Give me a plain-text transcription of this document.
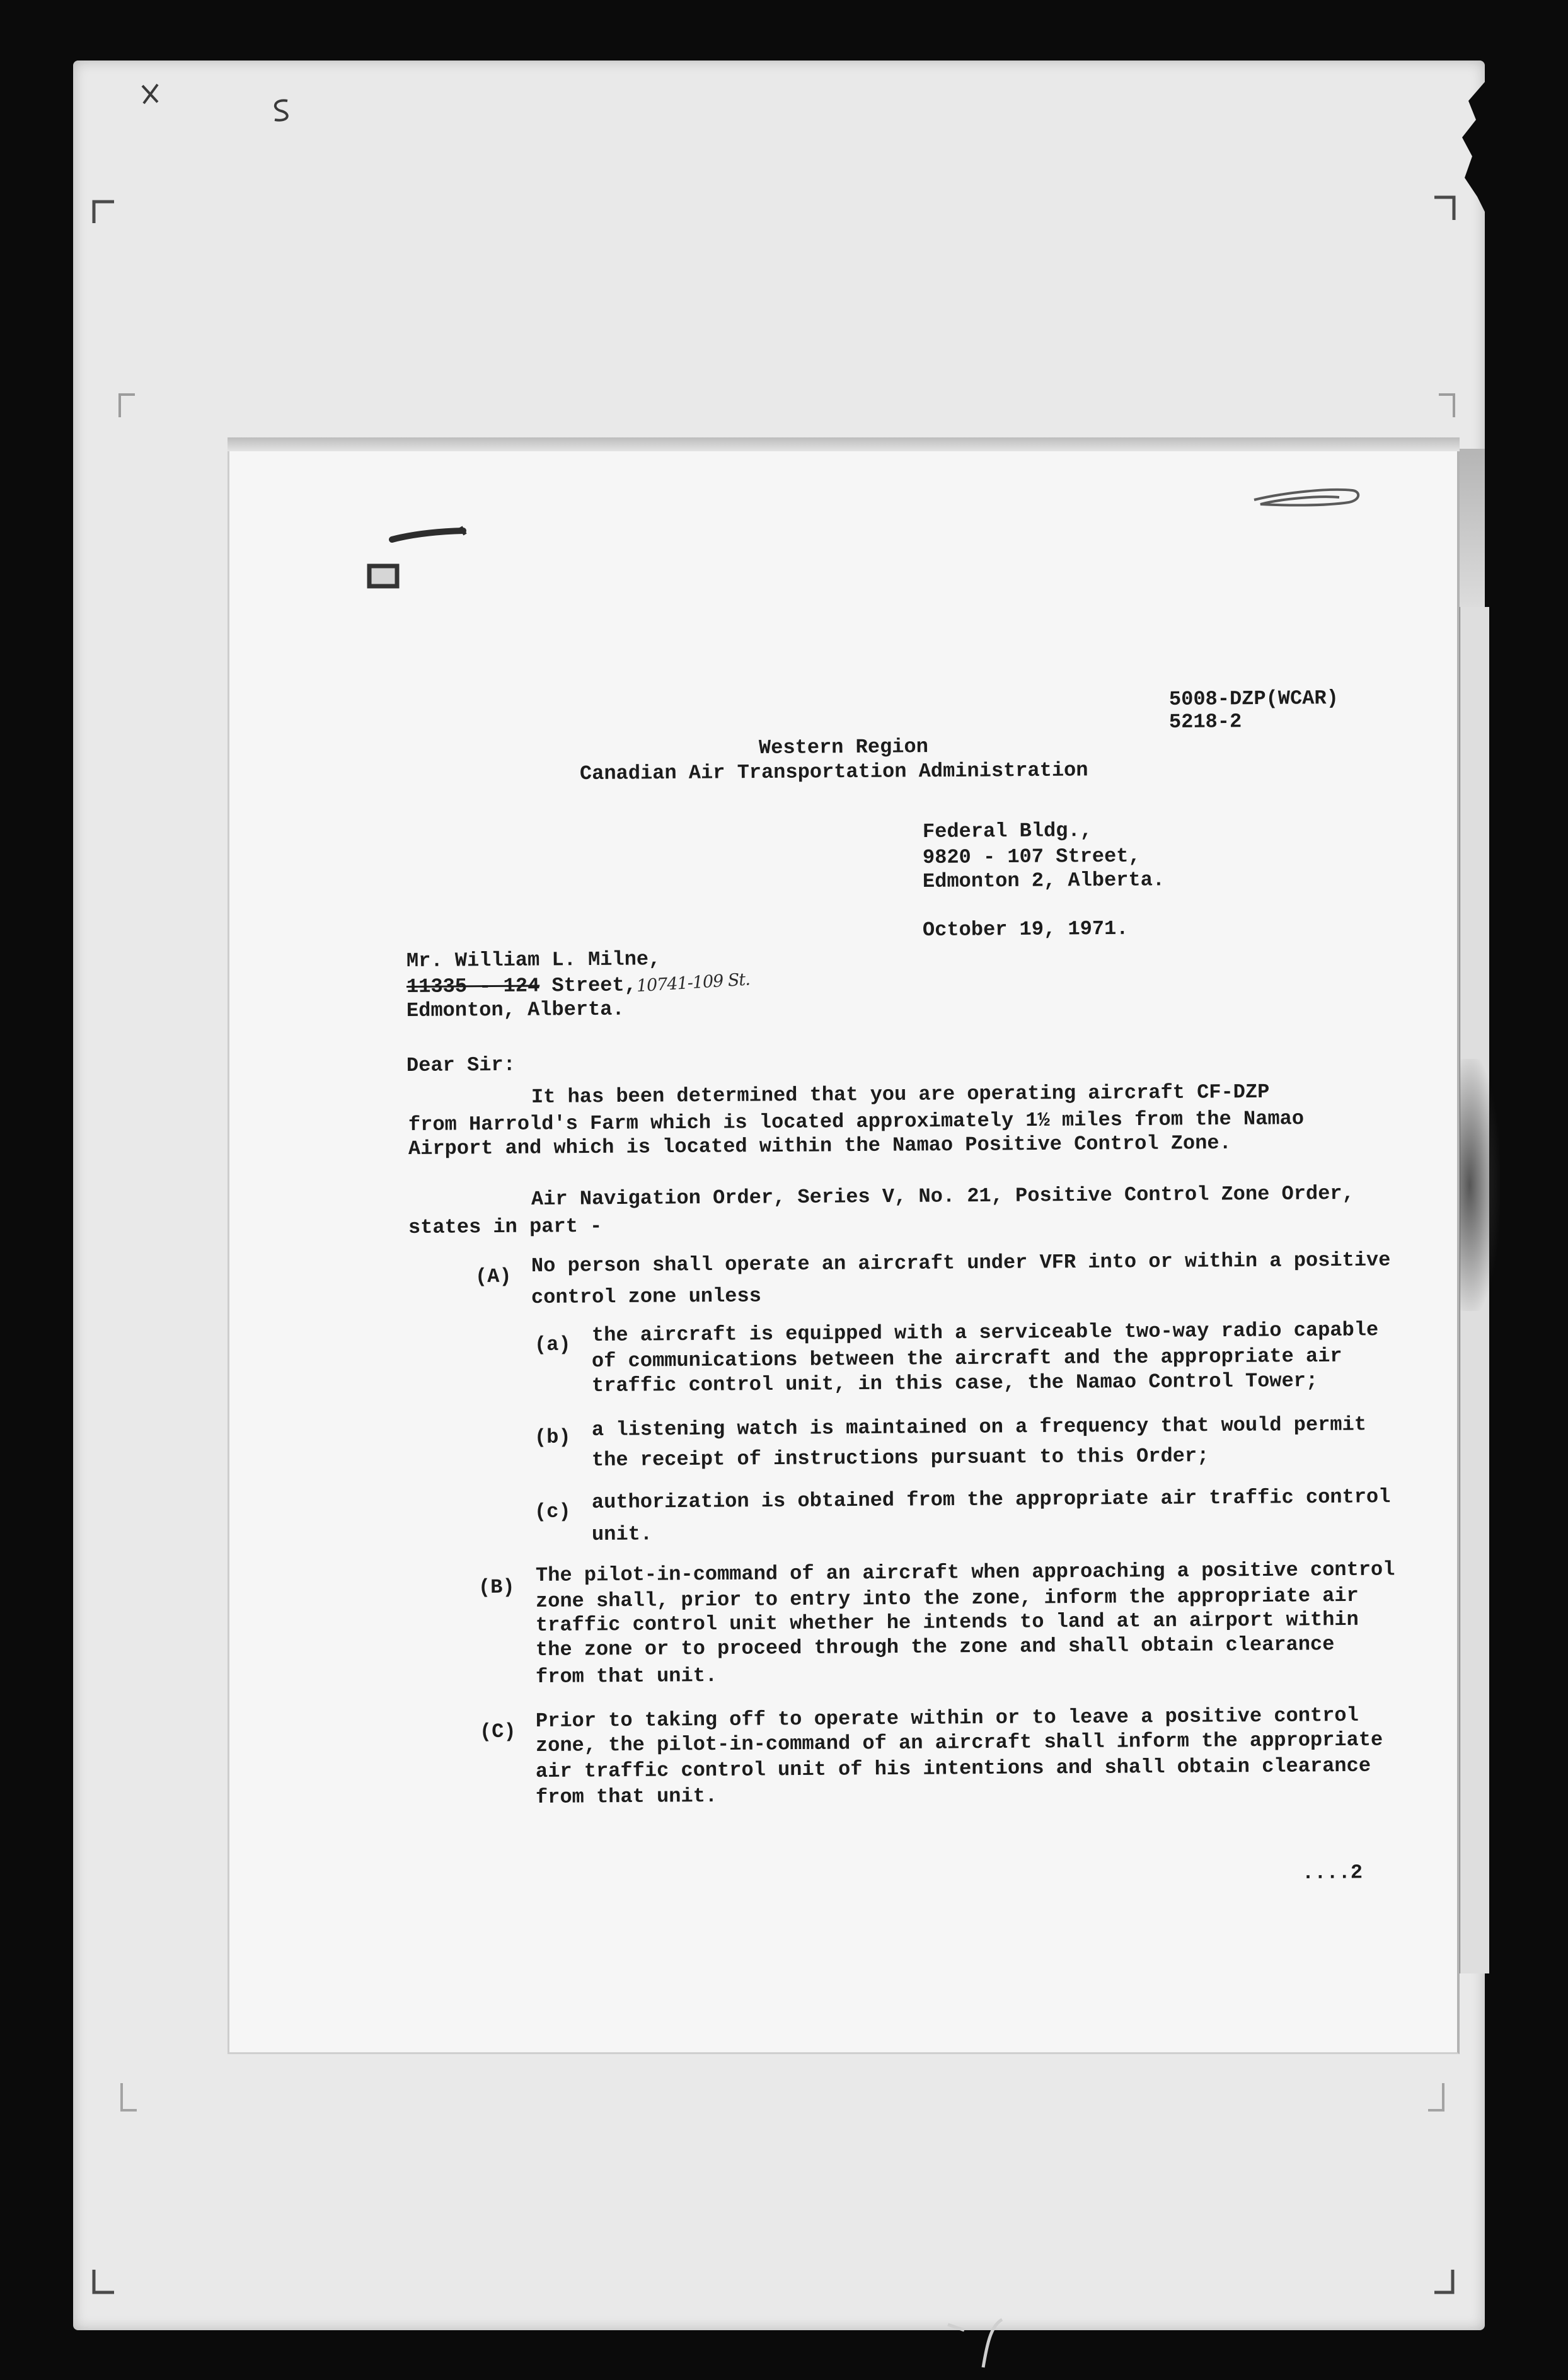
5008-DZP(WCAR)
5218-2
Western Region
Canadian Air Transportation Administration
Federal Bldg.,
9820 - 107 Street,
Edmonton 2, Alberta.
October 19, 1971.
Mr. William L. Milne,
11335 - 124 Street,10741-109 St.
Edmonton, Alberta.
Dear Sir:
It has been determined that you are operating aircraft CF-DZP
from Harrold's Farm which is located approximately 1½ miles from the Namao
Airport and which is located within the Namao Positive Control Zone.
Air Navigation Order, Series V, No. 21, Positive Control Zone Order,
states in part -
(A) No person shall operate an aircraft under VFR into or within a positive
control zone unless
(a) the aircraft is equipped with a serviceable two-way radio capable
of communications between the aircraft and the appropriate air
traffic control unit, in this case, the Namao Control Tower;
(b) a listening watch is maintained on a frequency that would permit
the receipt of instructions pursuant to this Order;
(c) authorization is obtained from the appropriate air traffic control
unit.
(B)
The pilot-in-command of an aircraft when approaching a positive control
zone shall, prior to entry into the zone, inform the appropriate air
traffic control unit whether he intends to land at an airport within
the zone or to proceed through the zone and shall obtain clearance
from that unit.
(C) Prior to taking off to operate within or to leave a positive control
zone, the pilot-in-command of an aircraft shall inform the appropriate
air traffic control unit of his intentions and shall obtain clearance
from that unit.
....2
